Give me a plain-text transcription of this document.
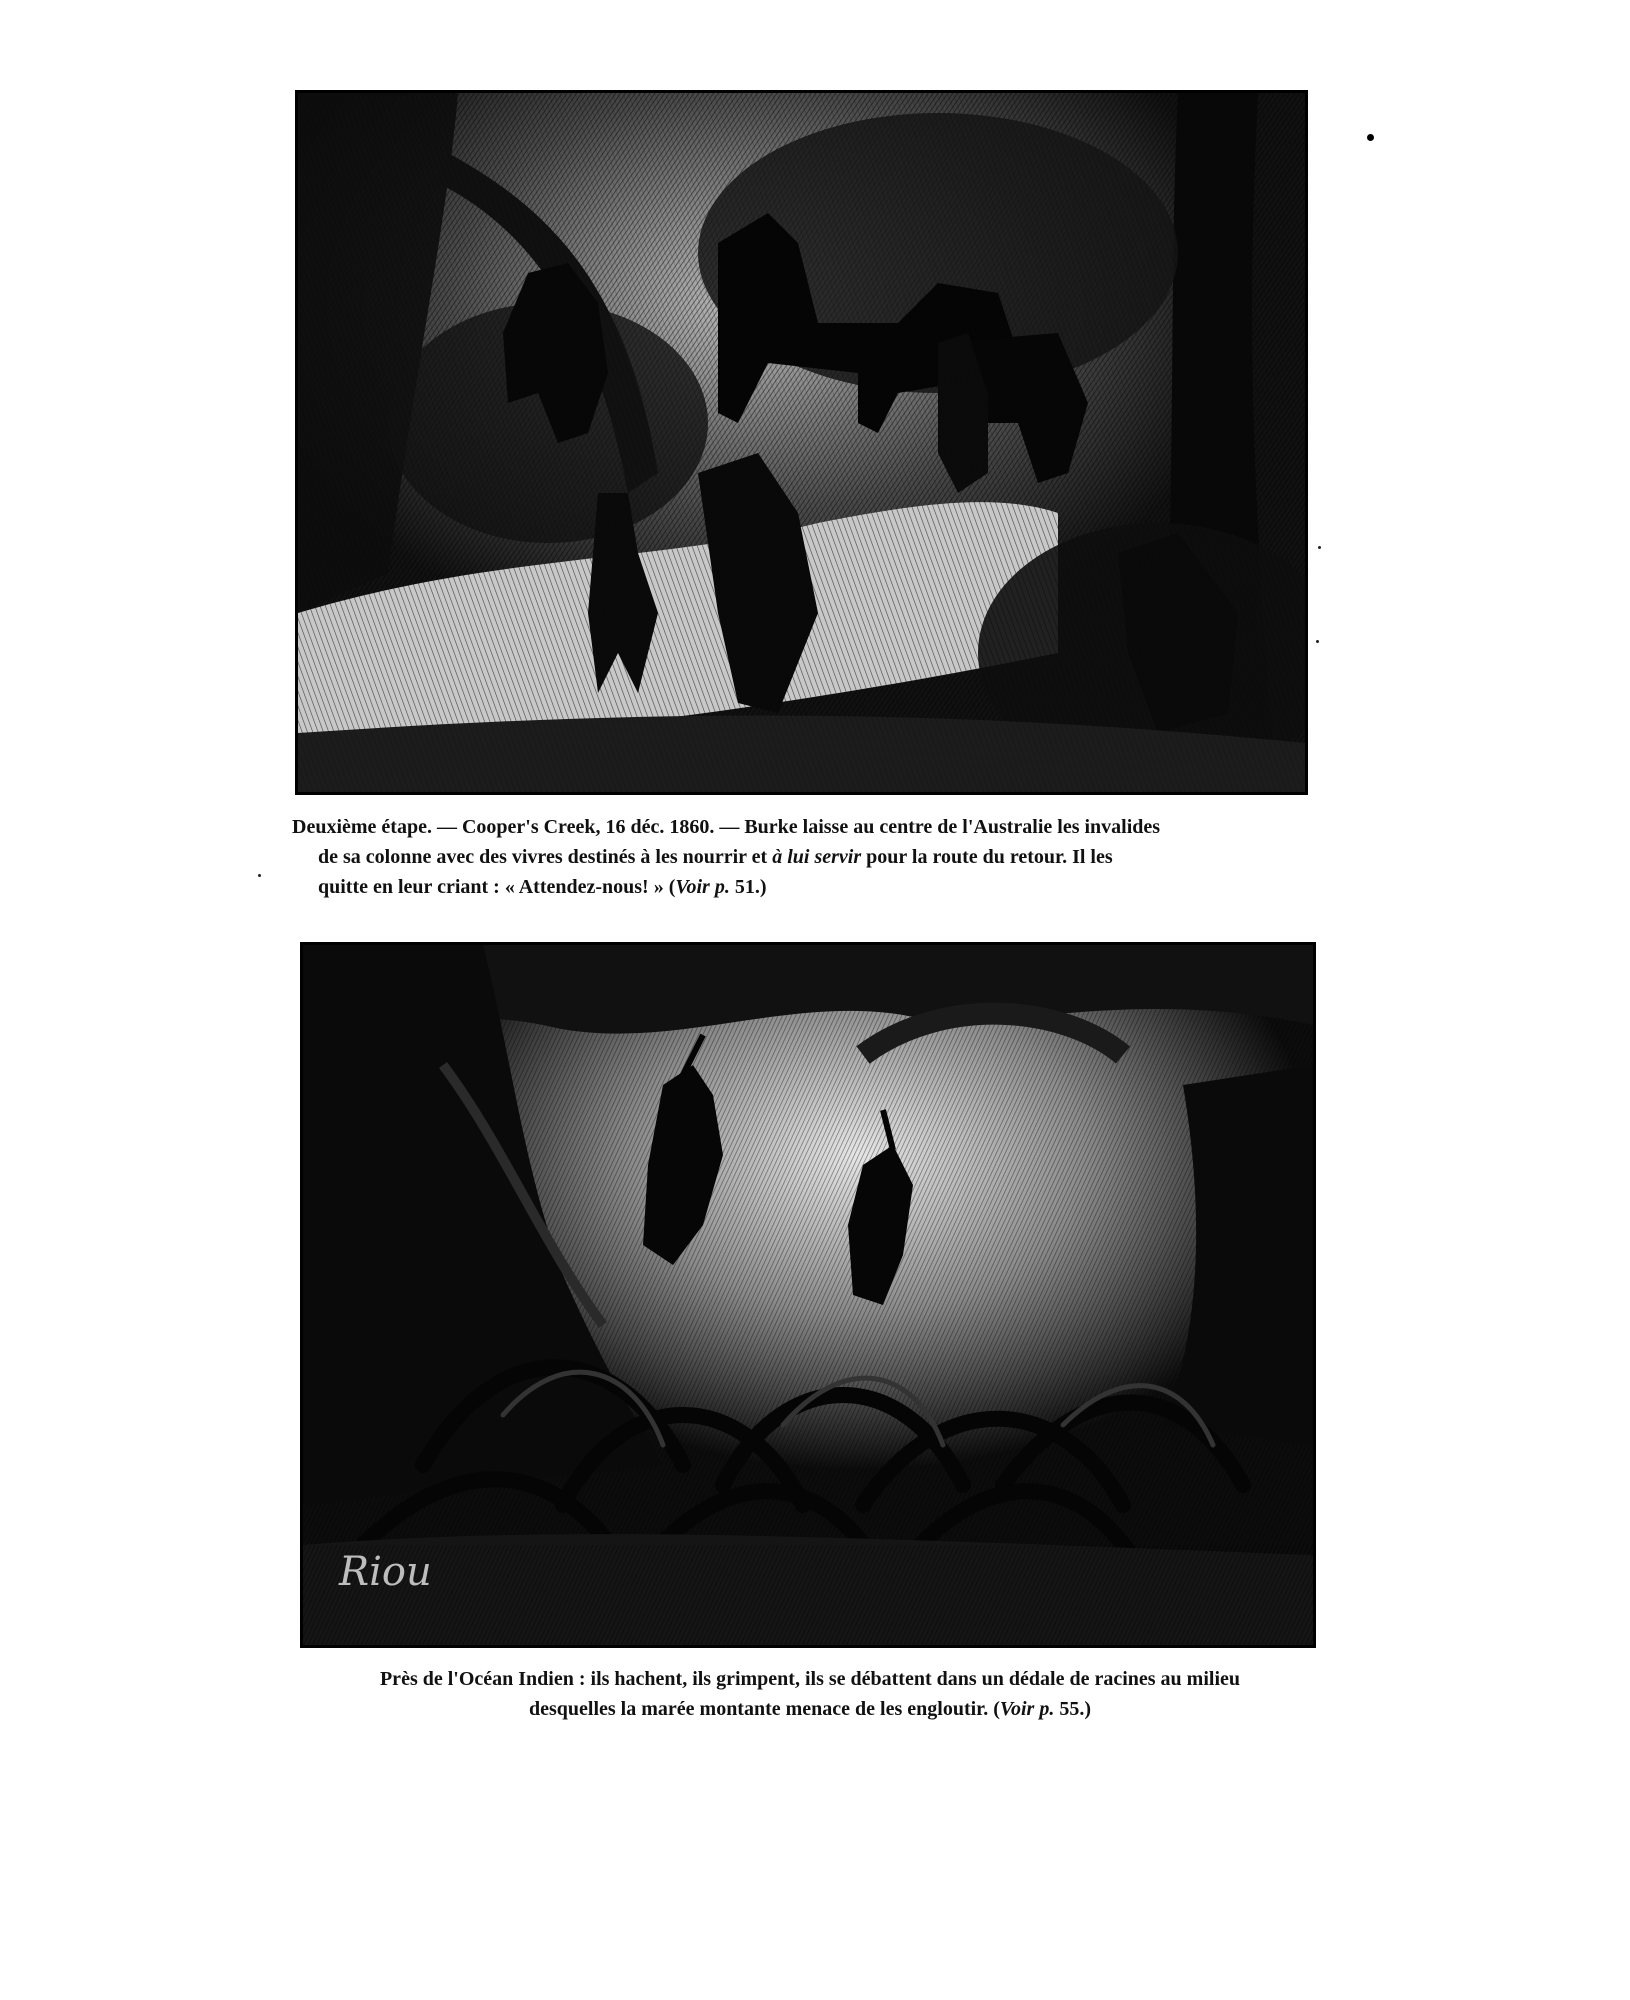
Deuxième étape. — Cooper's Creek, 16 déc. 1860. — Burke laisse au centre de l'Australie les invalides
de sa colonne avec des vivres destinés à les nourrir et à lui servir pour la route du retour. Il les
quitte en leur criant : « Attendez-nous! » (Voir p. 51.)
Riou
Près de l'Océan Indien : ils hachent, ils grimpent, ils se débattent dans un dédale de racines au milieu
desquelles la marée montante menace de les engloutir. (Voir p. 55.)
